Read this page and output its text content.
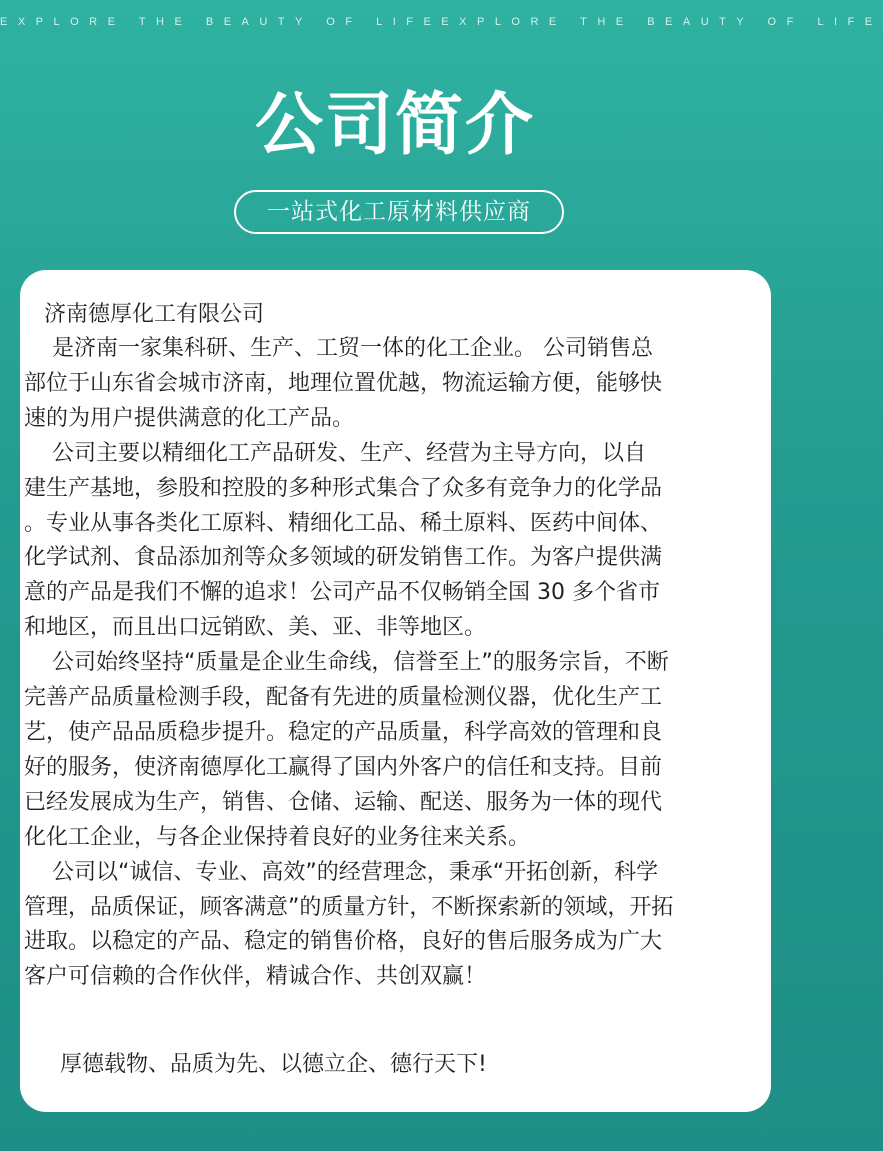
EXPLORE THE BEAUTY OF LIFEEXPLORE THE BEAUTY OF LIFE
公司简介
一站式化工原材料供应商

济南德厚化工有限公司

是济南一家集科研、生产、工贸一体的化工企业。 公司销售总
部位于山东省会城市济南，地理位置优越，物流运输方便，能够快
速的为用户提供满意的化工产品。
公司主要以精细化工产品研发、生产、经营为主导方向，以自
建生产基地，参股和控股的多种形式集合了众多有竞争力的化学品
。专业从事各类化工原料、精细化工品、稀土原料、医药中间体、
化学试剂、食品添加剂等众多领域的研发销售工作。为客户提供满
意的产品是我们不懈的追求！公司产品不仅畅销全国 30 多个省市
和地区，而且出口远销欧、美、亚、非等地区。
公司始终坚持“质量是企业生命线，信誉至上”的服务宗旨，不断
完善产品质量检测手段，配备有先进的质量检测仪器，优化生产工
艺，使产品品质稳步提升。稳定的产品质量，科学高效的管理和良
好的服务，使济南德厚化工赢得了国内外客户的信任和支持。目前
已经发展成为生产，销售、仓储、运输、配送、服务为一体的现代
化化工企业，与各企业保持着良好的业务往来关系。
公司以“诚信、专业、高效”的经营理念，秉承“开拓创新，科学
管理，品质保证，顾客满意”的质量方针，不断探索新的领域，开拓
进取。以稳定的产品、稳定的销售价格，良好的售后服务成为广大
客户可信赖的合作伙伴，精诚合作、共创双赢！

厚德载物、品质为先、以德立企、德行天下!
